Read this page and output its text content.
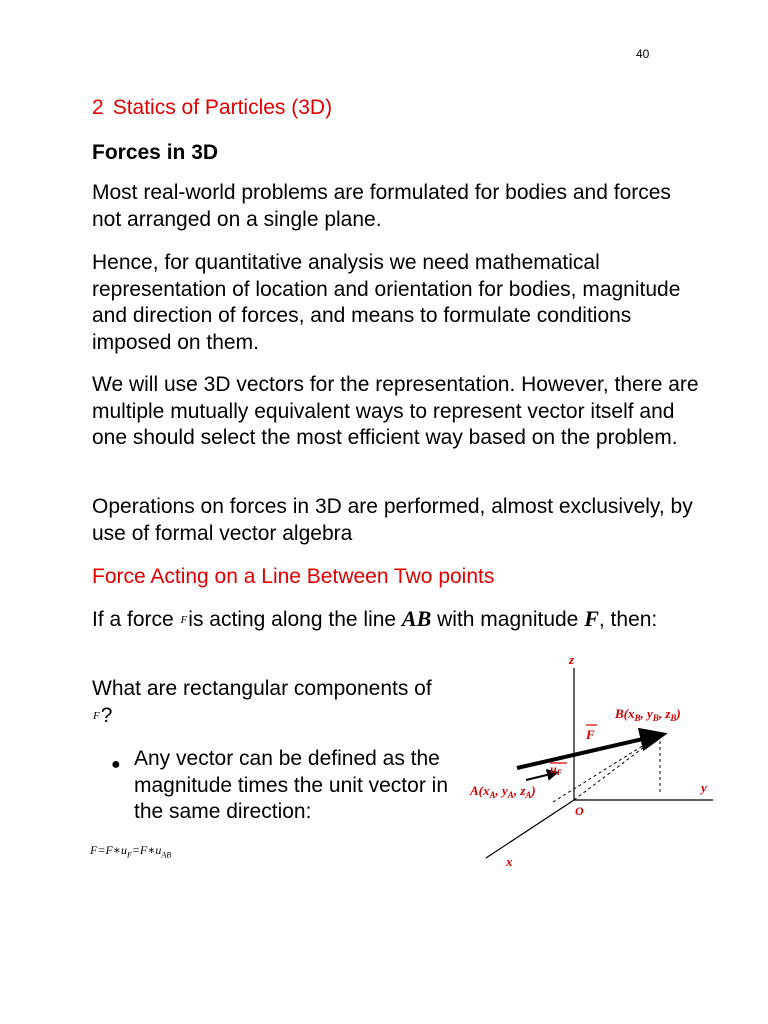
40
2 Statics of Particles (3D)
Forces in 3D
Most real-world problems are formulated for bodies and forces not arranged on a single plane.
Hence, for quantitative analysis we need mathematical representation of location and orientation for bodies, magnitude and direction of forces, and means to formulate conditions imposed on them.
We will use 3D vectors for the representation. However, there are multiple mutually equivalent ways to represent vector itself and one should select the most efficient way based on the problem.
Operations on forces in 3D are performed, almost exclusively, by use of formal vector algebra
Force Acting on a Line Between Two points
If a force Fis acting along the line AB with magnitude F, then:
What are rectangular components of F?
● Any vector can be defined as the magnitude times the unit vector in the same direction:
$F=F∗u_F=F∗u_{AB}$
z
y
x
O
$A(x_A$, $y_A$, $z_A$)
$B(x_B$, $y_B$, $z_B$)
F
uF
